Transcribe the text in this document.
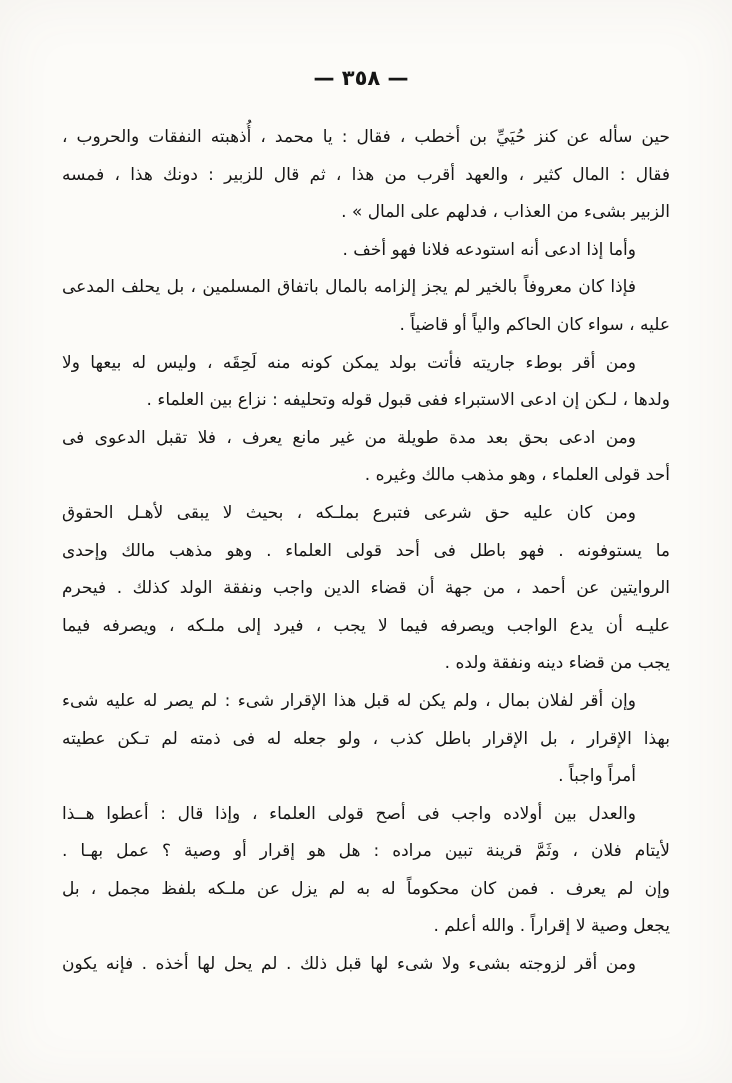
— ٣٥٨ —
حين سأله عن كنز حُيَيِّ بن أخطب ، فقال : يا محمد ، أُذهبته النفقات والحروب ،
فقال : المال كثير ، والعهد أقرب من هذا ، ثم قال للزبير : دونك هذا ، فمسه
الزبير بشىء من العذاب ، فدلهم على المال » .
وأما إذا ادعى أنه استودعه فلانا فهو أخف .
فإذا كان معروفاً بالخير لم يجز إلزامه بالمال باتفاق المسلمين ، بل يحلف المدعى
عليه ، سواء كان الحاكم والياً أو قاضياً .
ومن أقر بوطء جاريته فأتت بولد يمكن كونه منه لَحِقَه ، وليس له بيعها ولا
ولدها ، لـكن إن ادعى الاستبراء ففى قبول قوله وتحليفه : نزاع بين العلماء .
ومن ادعى بحق بعد مدة طويلة من غير مانع يعرف ، فلا تقبل الدعوى فى
أحد قولى العلماء ، وهو مذهب مالك وغيره .
ومن كان عليه حق شرعى فتبرع بملـكه ، بحيث لا يبقى لأهـل الحقوق
ما يستوفونه . فهو باطل فى أحد قولى العلماء . وهو مذهب مالك وإحدى
الروايتين عن أحمد ، من جهة أن قضاء الدين واجب ونفقة الولد كذلك . فيحرم
عليـه أن يدع الواجب ويصرفه فيما لا يجب ، فيرد إلى ملـكه ، ويصرفه فيما
يجب من قضاء دينه ونفقة ولده .
وإن أقر لفلان بمال ، ولم يكن له قبل هذا الإقرار شىء : لم يصر له عليه شىء
بهذا الإقرار ، بل الإقرار باطل كذب ، ولو جعله له فى ذمته لم تـكن عطيته
أمراً واجباً .
والعدل بين أولاده واجب فى أصح قولى العلماء ، وإذا قال : أعطوا هــذا
لأيتام فلان ، وثَمَّ قرينة تبين مراده : هل هو إقرار أو وصية ؟ عمل بهـا .
وإن لم يعرف . فمن كان محكوماً له به لم يزل عن ملـكه بلفظ مجمل ، بل
يجعل وصية لا إقراراً . والله أعلم .
ومن أقر لزوجته بشىء ولا شىء لها قبل ذلك . لم يحل لها أخذه . فإنه يكون
